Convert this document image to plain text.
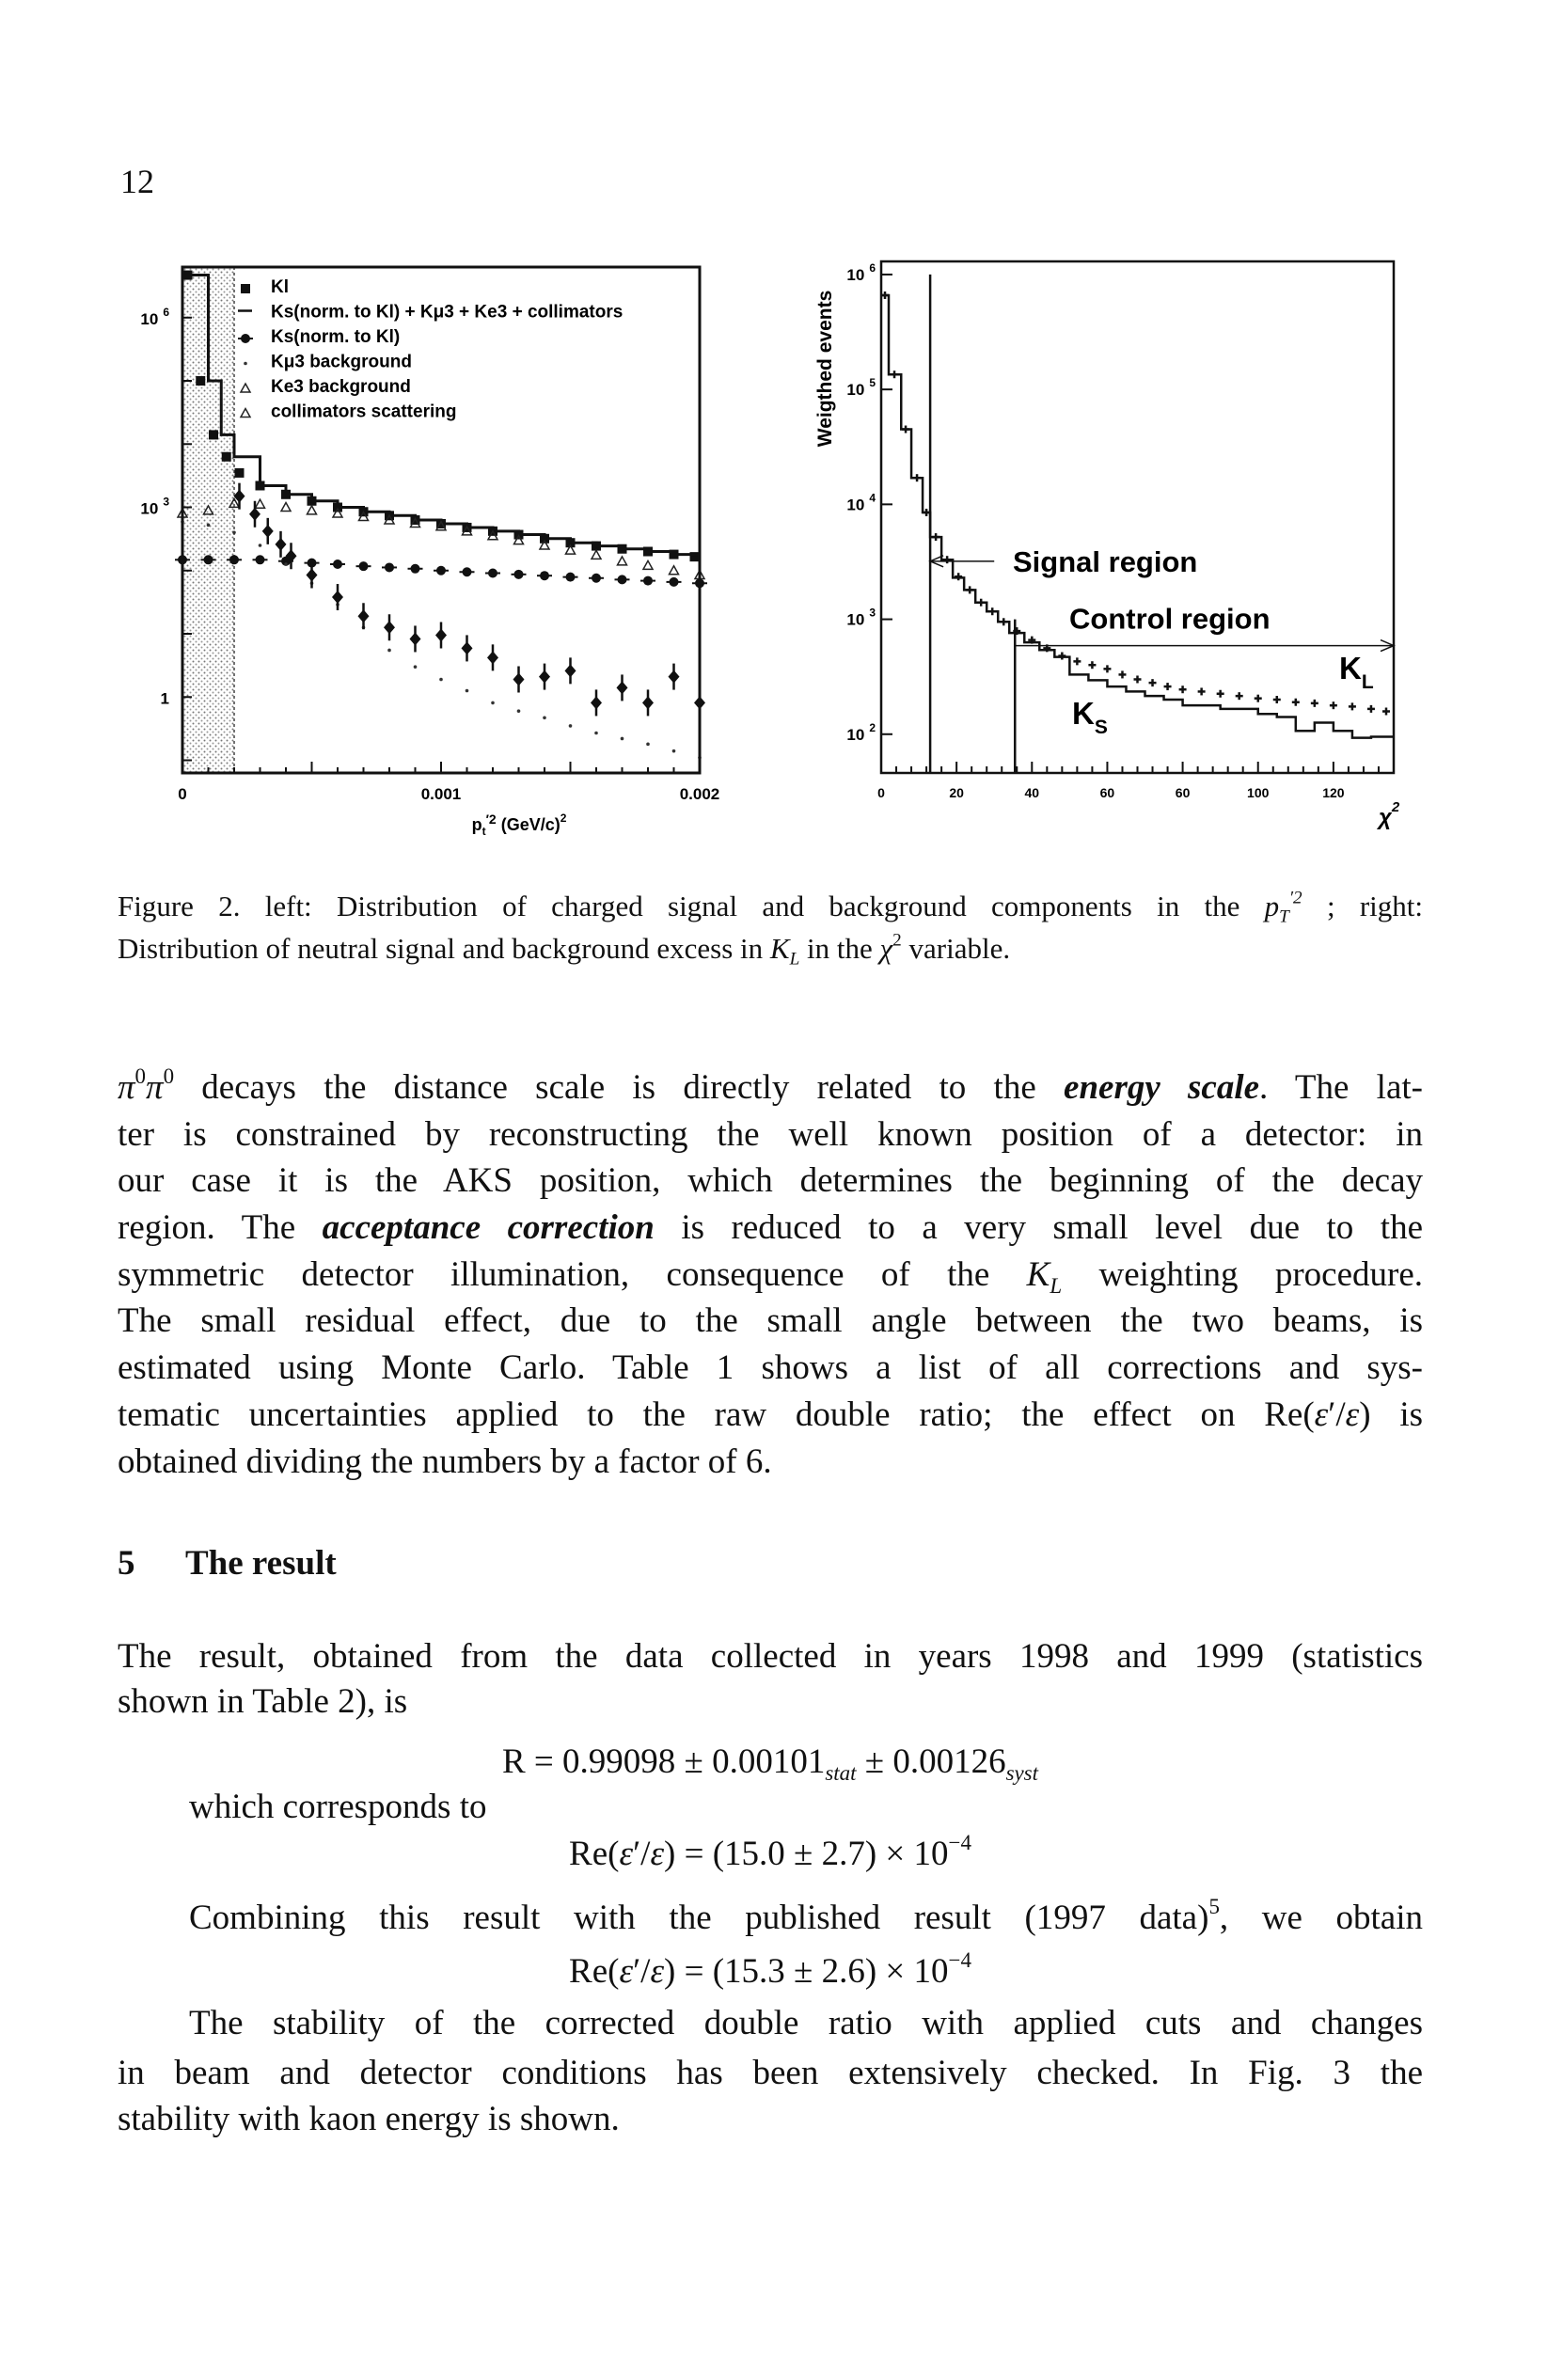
12
0	0.001	0.002
10 $^6$
10 $^3$
1
$p_t^{'2}$ $(GeV/c)^2$
Kl
Ks(norm. to Kl) + Kμ3 + Ke3 + collimators
Ks(norm. to Kl)
Kμ3 background
Ke3 background
collimators scattering
0	20	40	60	60	100	120
10 $^6$
10 $^5$
10 $^4$
10 $^3$
10 $^2$
Weigthed events
$\chi^2$
Signal region
Control region
$K_L$
$K_S$
Figure 2. left: Distribution of charged signal and background components in the $p_T^{'2}$ ; right:
Distribution of neutral signal and background excess in $K_L$ in the $\chi^2$ variable.
$\pi^0\pi^0$ decays the distance scale is directly related to the energy scale. The lat-
ter is constrained by reconstructing the well known position of a detector: in
our case it is the AKS position, which determines the beginning of the decay
region. The acceptance correction is reduced to a very small level due to the
symmetric detector illumination, consequence of the $K_L$ weighting procedure.
The small residual effect, due to the small angle between the two beams, is
estimated using Monte Carlo. Table 1 shows a list of all corrections and sys-
tematic uncertainties applied to the raw double ratio; the effect on Re(ε′/ε) is
obtained dividing the numbers by a factor of 6.
5 The result
The result, obtained from the data collected in years 1998 and 1999 (statistics
shown in Table 2), is
$R = 0.99098 \pm 0.00101_{stat} \pm 0.00126_{syst}$
which corresponds to
$Re(\varepsilon'/\varepsilon) = (15.0 \pm 2.7) \times 10^{-4}$
Combining this result with the published result (1997 data)$^5$, we obtain
$Re(\varepsilon'/\varepsilon) = (15.3 \pm 2.6) \times 10^{-4}$
The stability of the corrected double ratio with applied cuts and changes
in beam and detector conditions has been extensively checked. In Fig. 3 the
stability with kaon energy is shown.
